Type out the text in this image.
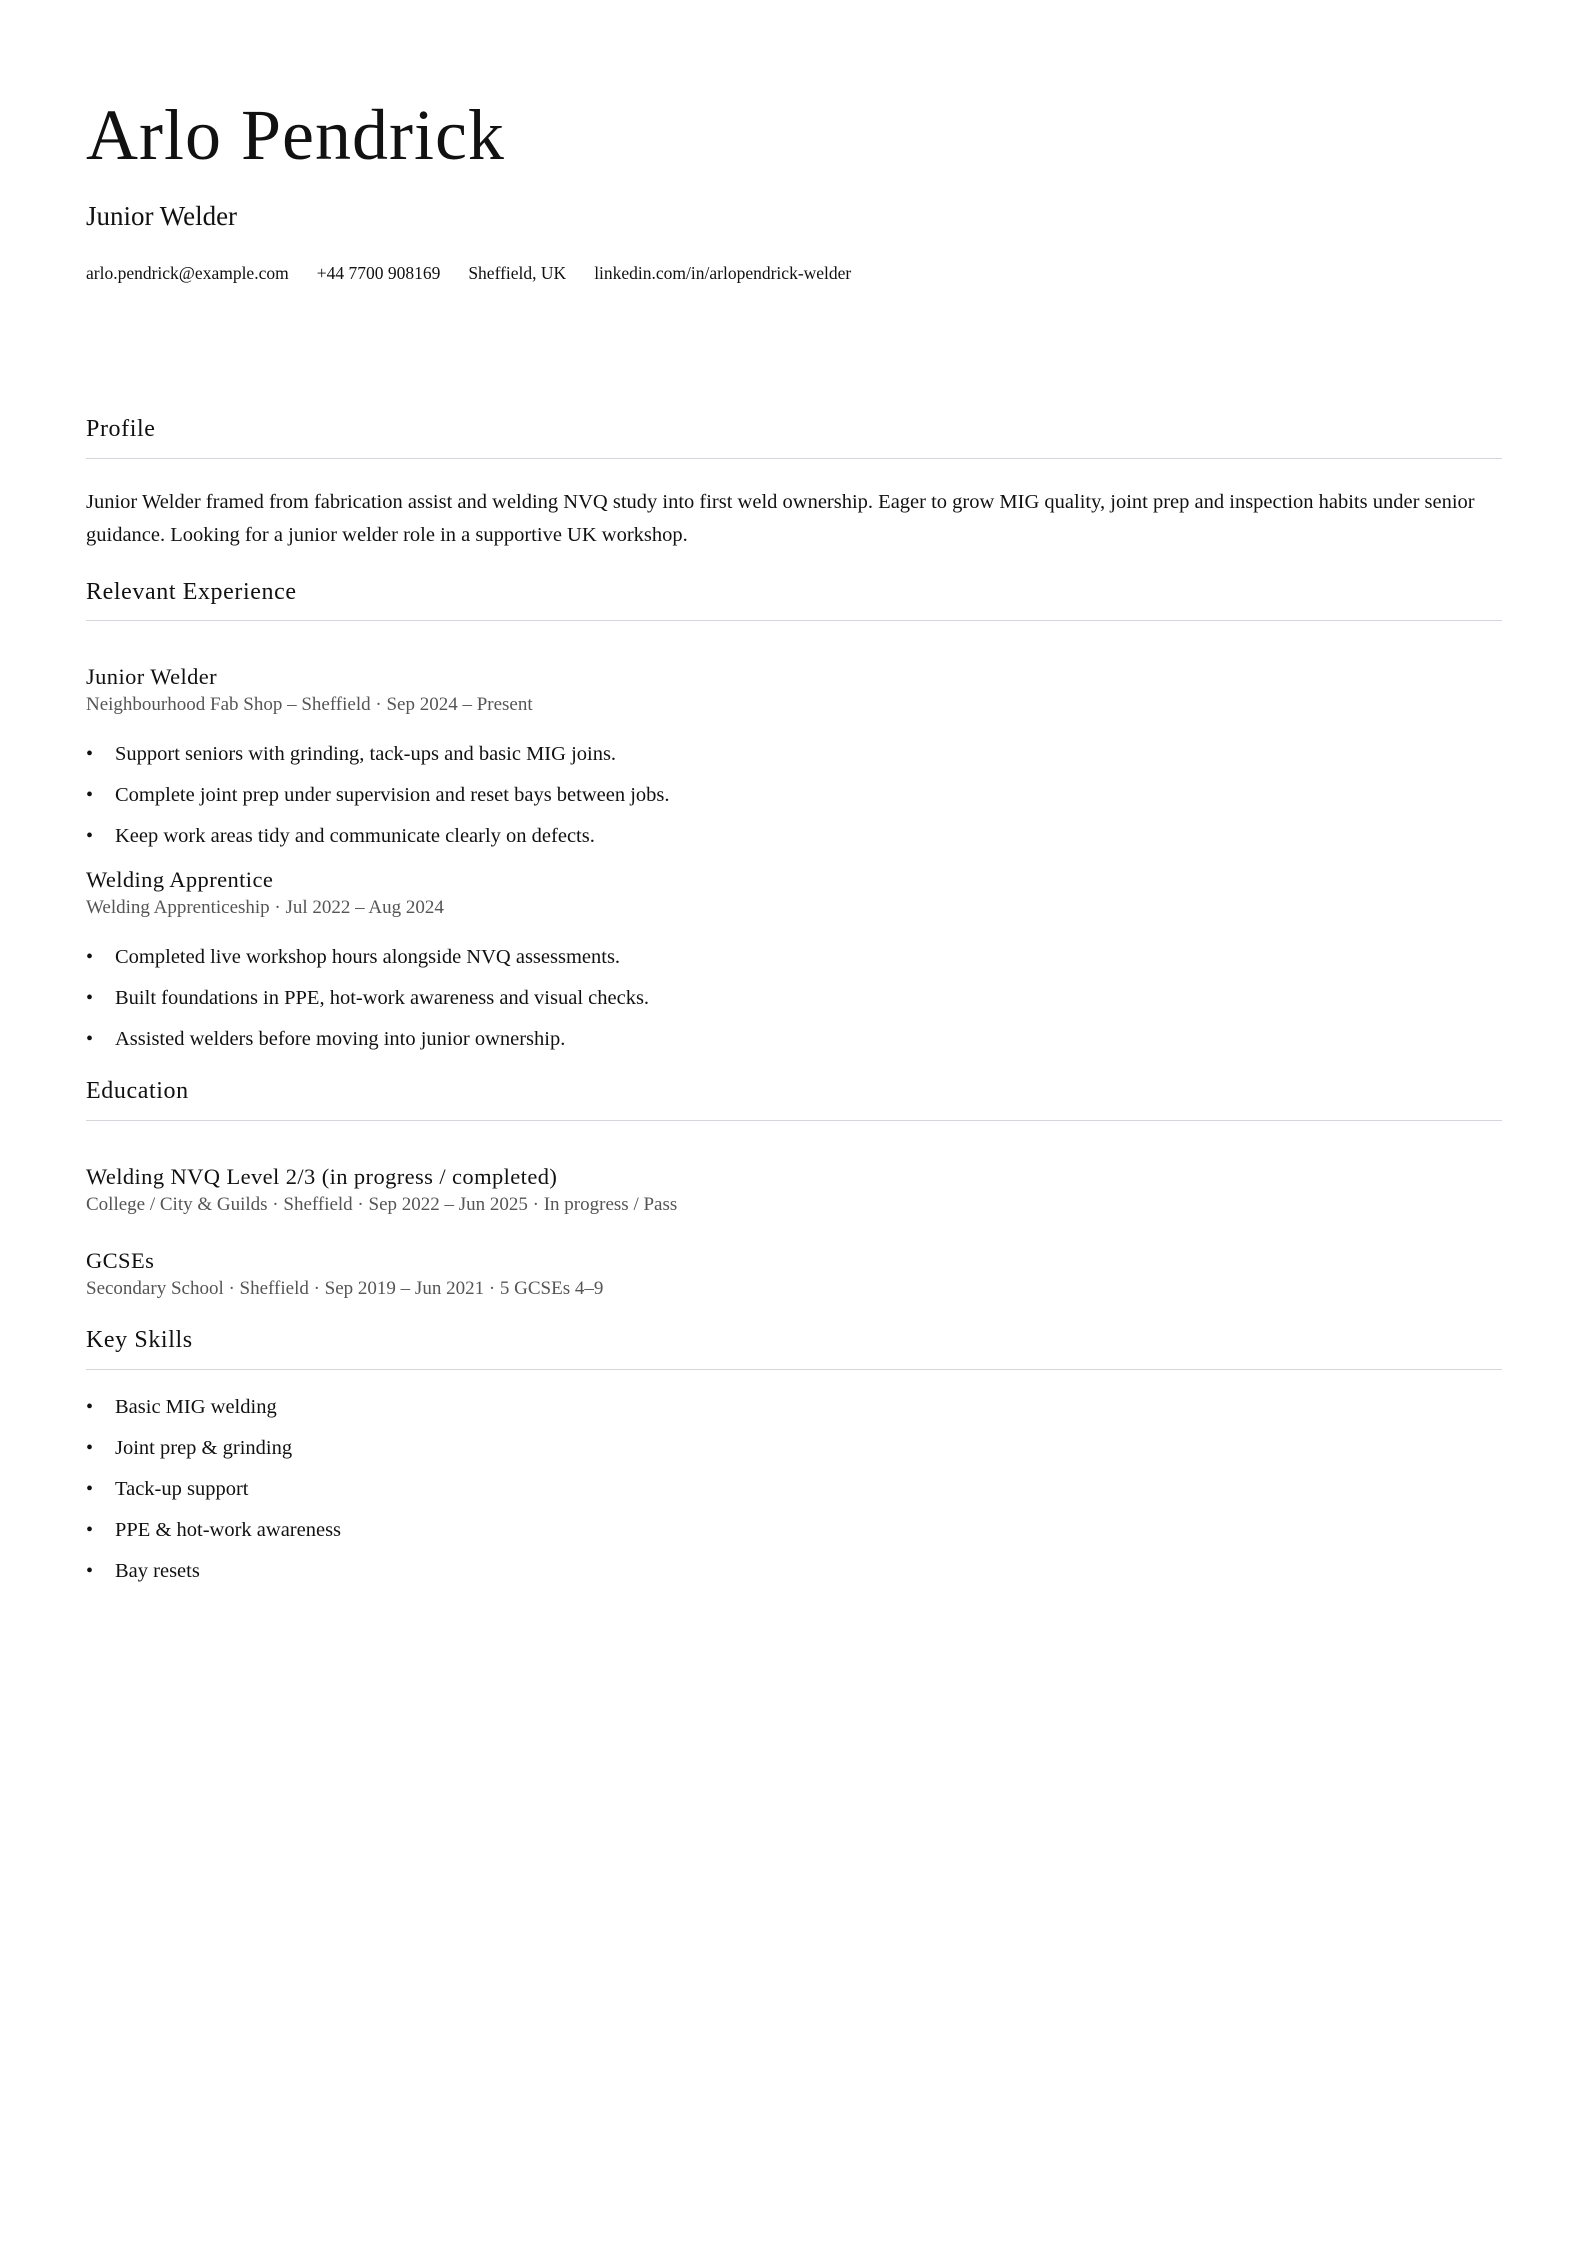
Arlo Pendrick
Junior Welder
arlo.pendrick@example.com +44 7700 908169 Sheffield, UK linkedin.com/in/arlopendrick-welder
Profile
Junior Welder framed from fabrication assist and welding NVQ study into first weld ownership. Eager to grow MIG quality, joint prep and inspection habits under senior guidance. Looking for a junior welder role in a supportive UK workshop.
Relevant Experience
Junior Welder
Neighbourhood Fab Shop – Sheffield · Sep 2024 – Present
• Support seniors with grinding, tack-ups and basic MIG joins.
• Complete joint prep under supervision and reset bays between jobs.
• Keep work areas tidy and communicate clearly on defects.
Welding Apprentice
Welding Apprenticeship · Jul 2022 – Aug 2024
• Completed live workshop hours alongside NVQ assessments.
• Built foundations in PPE, hot-work awareness and visual checks.
• Assisted welders before moving into junior ownership.
Education
Welding NVQ Level 2/3 (in progress / completed)
College / City & Guilds · Sheffield · Sep 2022 – Jun 2025 · In progress / Pass
GCSEs
Secondary School · Sheffield · Sep 2019 – Jun 2021 · 5 GCSEs 4–9
Key Skills
• Basic MIG welding
• Joint prep & grinding
• Tack-up support
• PPE & hot-work awareness
• Bay resets
